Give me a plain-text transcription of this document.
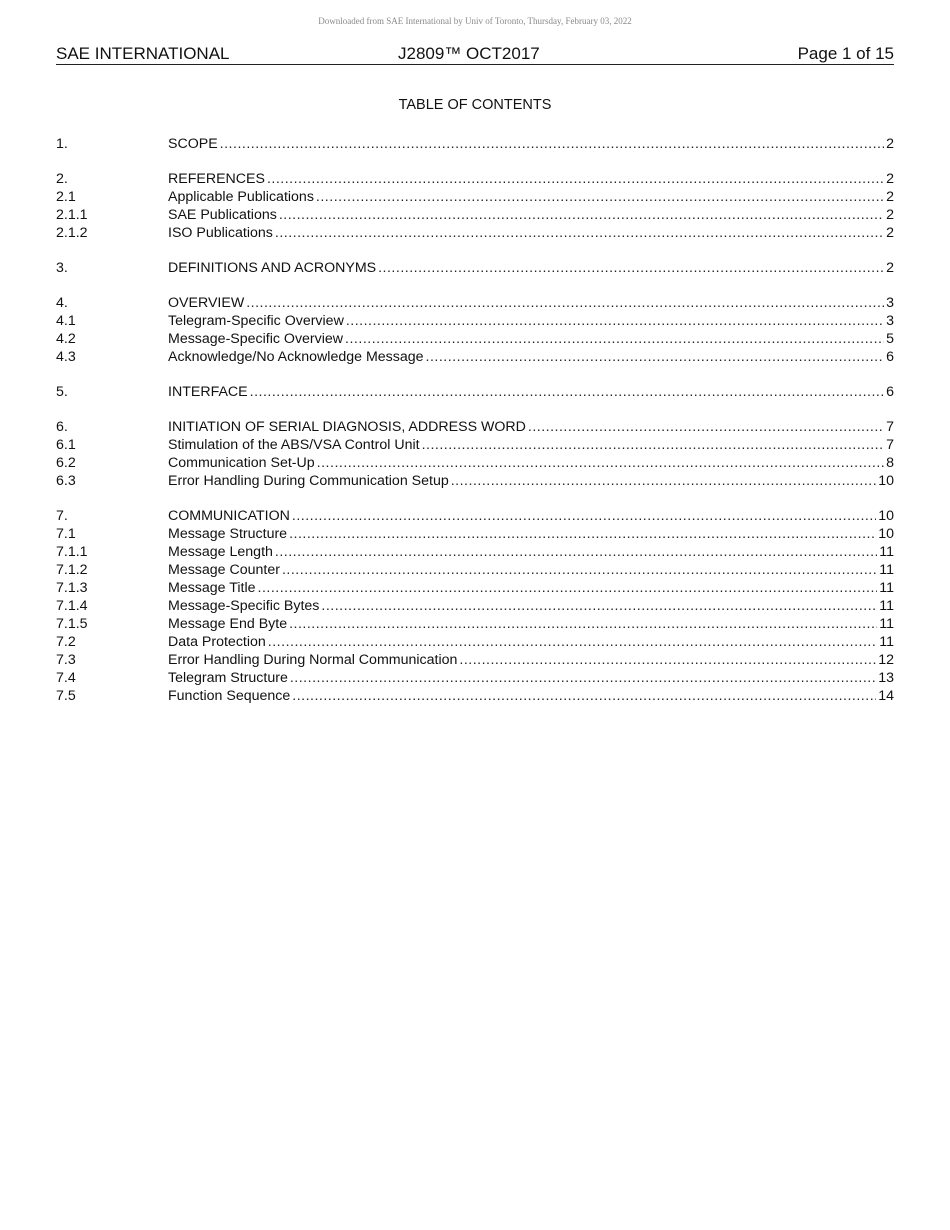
Downloaded from SAE International by Univ of Toronto, Thursday, February 03, 2022
SAE INTERNATIONAL	J2809™ OCT2017	Page 1 of 15
TABLE OF CONTENTS
1.	SCOPE .....	2
2.	REFERENCES .....	2
2.1	Applicable Publications .....	2
2.1.1	SAE Publications .....	2
2.1.2	ISO Publications .....	2
3.	DEFINITIONS AND ACRONYMS .....	2
4.	OVERVIEW .....	3
4.1	Telegram-Specific Overview .....	3
4.2	Message-Specific Overview .....	5
4.3	Acknowledge/No Acknowledge Message .....	6
5.	INTERFACE .....	6
6.	INITIATION OF SERIAL DIAGNOSIS, ADDRESS WORD .....	7
6.1	Stimulation of the ABS/VSA Control Unit .....	7
6.2	Communication Set-Up .....	8
6.3	Error Handling During Communication Setup .....	10
7.	COMMUNICATION .....	10
7.1	Message Structure .....	10
7.1.1	Message Length .....	11
7.1.2	Message Counter .....	11
7.1.3	Message Title .....	11
7.1.4	Message-Specific Bytes .....	11
7.1.5	Message End Byte .....	11
7.2	Data Protection .....	11
7.3	Error Handling During Normal Communication .....	12
7.4	Telegram Structure .....	13
7.5	Function Sequence .....	14
